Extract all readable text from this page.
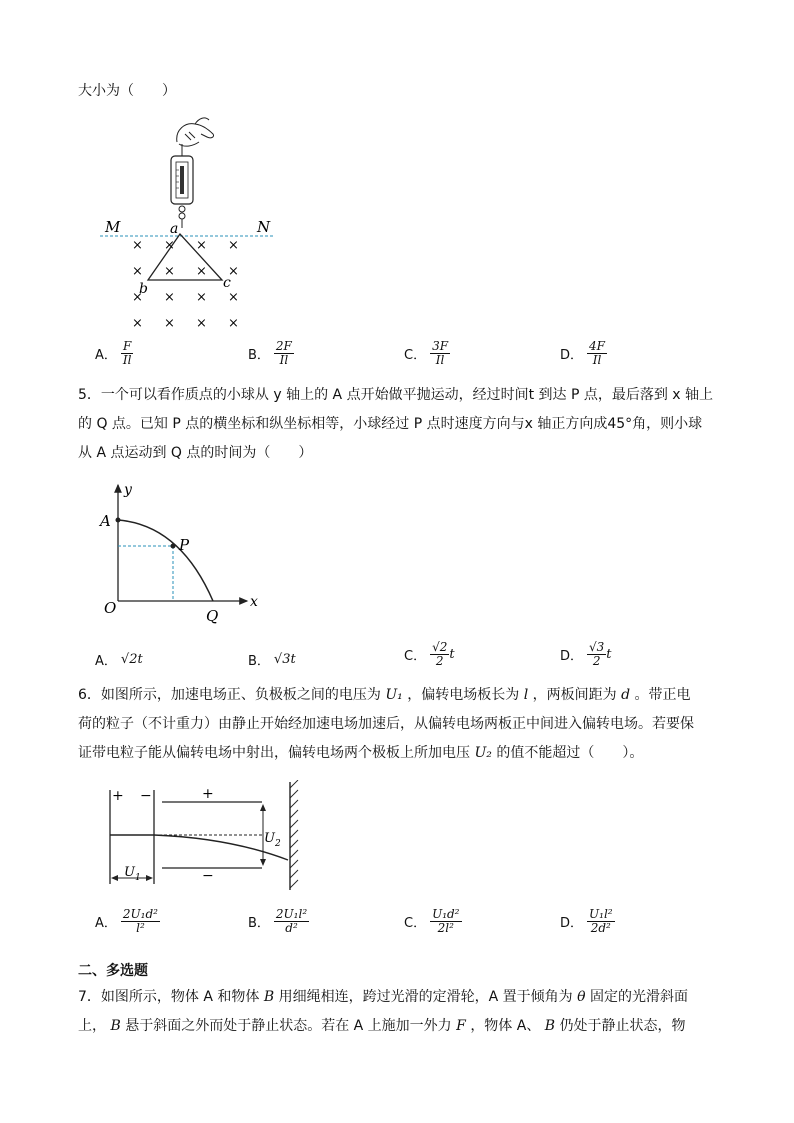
大小为（　　）
M	N
a
b	c
× × × ×
× × × ×
× × × ×
× × × ×
A． $\frac{F}{Il}$	B． $\frac{2F}{Il}$	C． $\frac{3F}{Il}$	D． $\frac{4F}{Il}$
5．一个可以看作质点的小球从 y 轴上的 A 点开始做平抛运动，经过时间t 到达 P 点，最后落到 x 轴上
的 Q 点。已知 P 点的横坐标和纵坐标相等，小球经过 P 点时速度方向与x 轴正方向成45°角，则小球
从 A 点运动到 Q 点的时间为（　　）
y
x
A
P
O	Q
A． √2t	B． √3t	C． $\frac{√2}{2}$ t	D． $\frac{√3}{2}$ t
6．如图所示，加速电场正、负极板之间的电压为 U₁ ，偏转电场板长为 l ，两板间距为 d 。带正电
荷的粒子（不计重力）由静止开始经加速电场加速后，从偏转电场两板正中间进入偏转电场。若要保
证带电粒子能从偏转电场中射出，偏转电场两个极板上所加电压 U₂ 的值不能超过（　　）。
+ −	+
−
$U_2$
$U_1$
A． $\frac{\text{2U₁d²}}{\text{l²}}$	B． $\frac{\text{2U₁l²}}{\text{d²}}$	C． $\frac{\text{U₁d²}}{\text{2l²}}$	D． $\frac{\text{U₁l²}}{\text{2d²}}$
二、多选题
7．如图所示，物体 A 和物体 B 用细绳相连，跨过光滑的定滑轮，A 置于倾角为 θ 固定的光滑斜面
上， B 悬于斜面之外而处于静止状态。若在 A 上施加一外力 F ，物体 A、 B 仍处于静止状态，物
